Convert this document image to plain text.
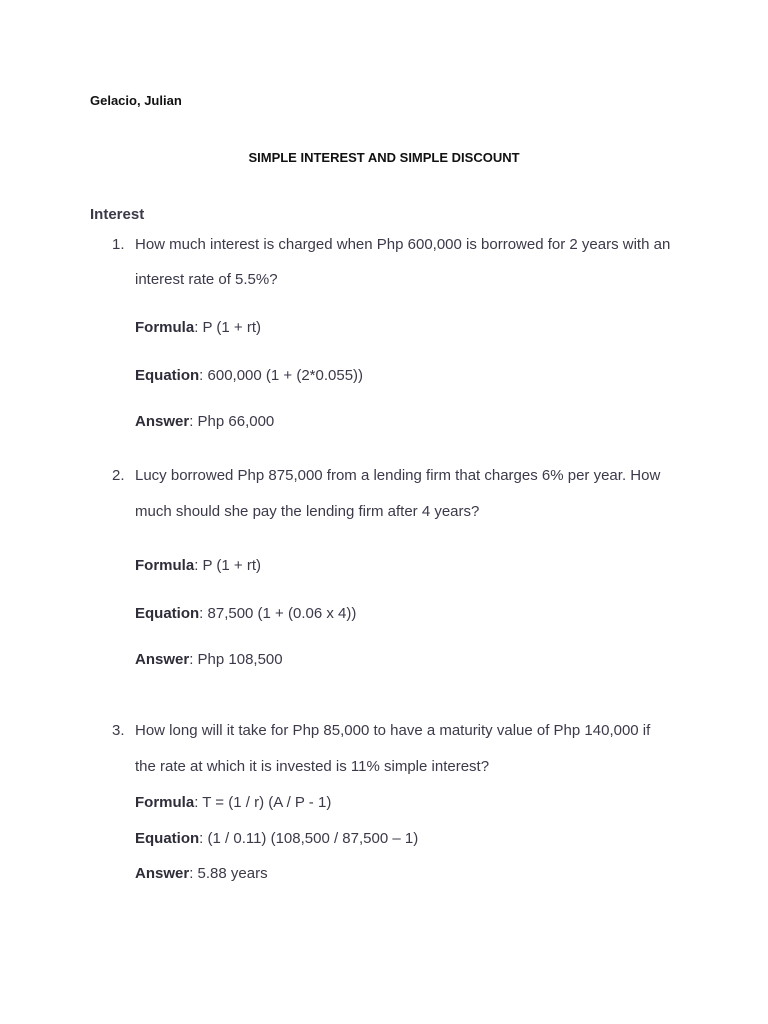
Gelacio, Julian
SIMPLE INTEREST AND SIMPLE DISCOUNT
Interest
1. How much interest is charged when Php 600,000 is borrowed for 2 years with an
interest rate of 5.5%?
Formula: P (1 + rt)
Equation: 600,000 (1 + (2*0.055))
Answer: Php 66,000
2. Lucy borrowed Php 875,000 from a lending firm that charges 6% per year. How
much should she pay the lending firm after 4 years?
Formula: P (1 + rt)
Equation: 87,500 (1 + (0.06 x 4))
Answer: Php 108,500
3. How long will it take for Php 85,000 to have a maturity value of Php 140,000 if
the rate at which it is invested is 11% simple interest?
Formula: T = (1 / r) (A / P - 1)
Equation: (1 / 0.11) (108,500 / 87,500 – 1)
Answer: 5.88 years
